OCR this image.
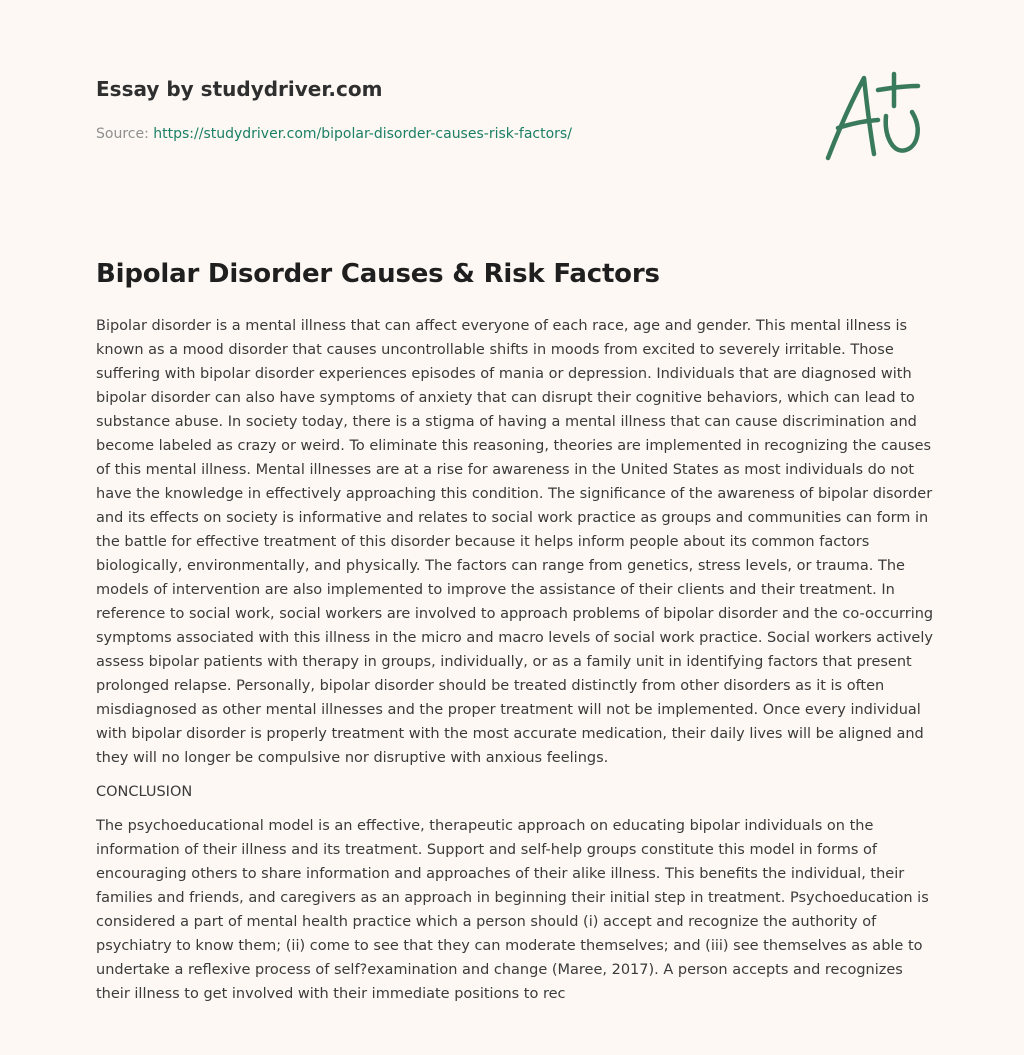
Essay by studydriver.com
Source: https://studydriver.com/bipolar-disorder-causes-risk-factors/
Bipolar Disorder Causes & Risk Factors

Bipolar disorder is a mental illness that can affect everyone of each race, age and gender. This mental illness is known as a mood disorder that causes uncontrollable shifts in moods from excited to severely irritable. Those suffering with bipolar disorder experiences episodes of mania or depression. Individuals that are diagnosed with bipolar disorder can also have symptoms of anxiety that can disrupt their cognitive behaviors, which can lead to substance abuse. In society today, there is a stigma of having a mental illness that can cause discrimination and become labeled as crazy or weird. To eliminate this reasoning, theories are implemented in recognizing the causes of this mental illness. Mental illnesses are at a rise for awareness in the United States as most individuals do not have the knowledge in effectively approaching this condition. The significance of the awareness of bipolar disorder and its effects on society is informative and relates to social work practice as groups and communities can form in the battle for effective treatment of this disorder because it helps inform people about its common factors biologically, environmentally, and physically. The factors can range from genetics, stress levels, or trauma. The models of intervention are also implemented to improve the assistance of their clients and their treatment. In reference to social work, social workers are involved to approach problems of bipolar disorder and the co-occurring symptoms associated with this illness in the micro and macro levels of social work practice. Social workers actively assess bipolar patients with therapy in groups, individually, or as a family unit in identifying factors that present prolonged relapse. Personally, bipolar disorder should be treated distinctly from other disorders as it is often misdiagnosed as other mental illnesses and the proper treatment will not be implemented. Once every individual with bipolar disorder is properly treatment with the most accurate medication, their daily lives will be aligned and they will no longer be compulsive nor disruptive with anxious feelings.

CONCLUSION

The psychoeducational model is an effective, therapeutic approach on educating bipolar individuals on the information of their illness and its treatment. Support and self-help groups constitute this model in forms of encouraging others to share information and approaches of their alike illness. This benefits the individual, their families and friends, and caregivers as an approach in beginning their initial step in treatment. Psychoeducation is considered a part of mental health practice which a person should (i) accept and recognize the authority of psychiatry to know them; (ii) come to see that they can moderate themselves; and (iii) see themselves as able to undertake a reflexive process of self?examination and change (Maree, 2017). A person accepts and recognizes their illness to get involved with their immediate positions to rec
